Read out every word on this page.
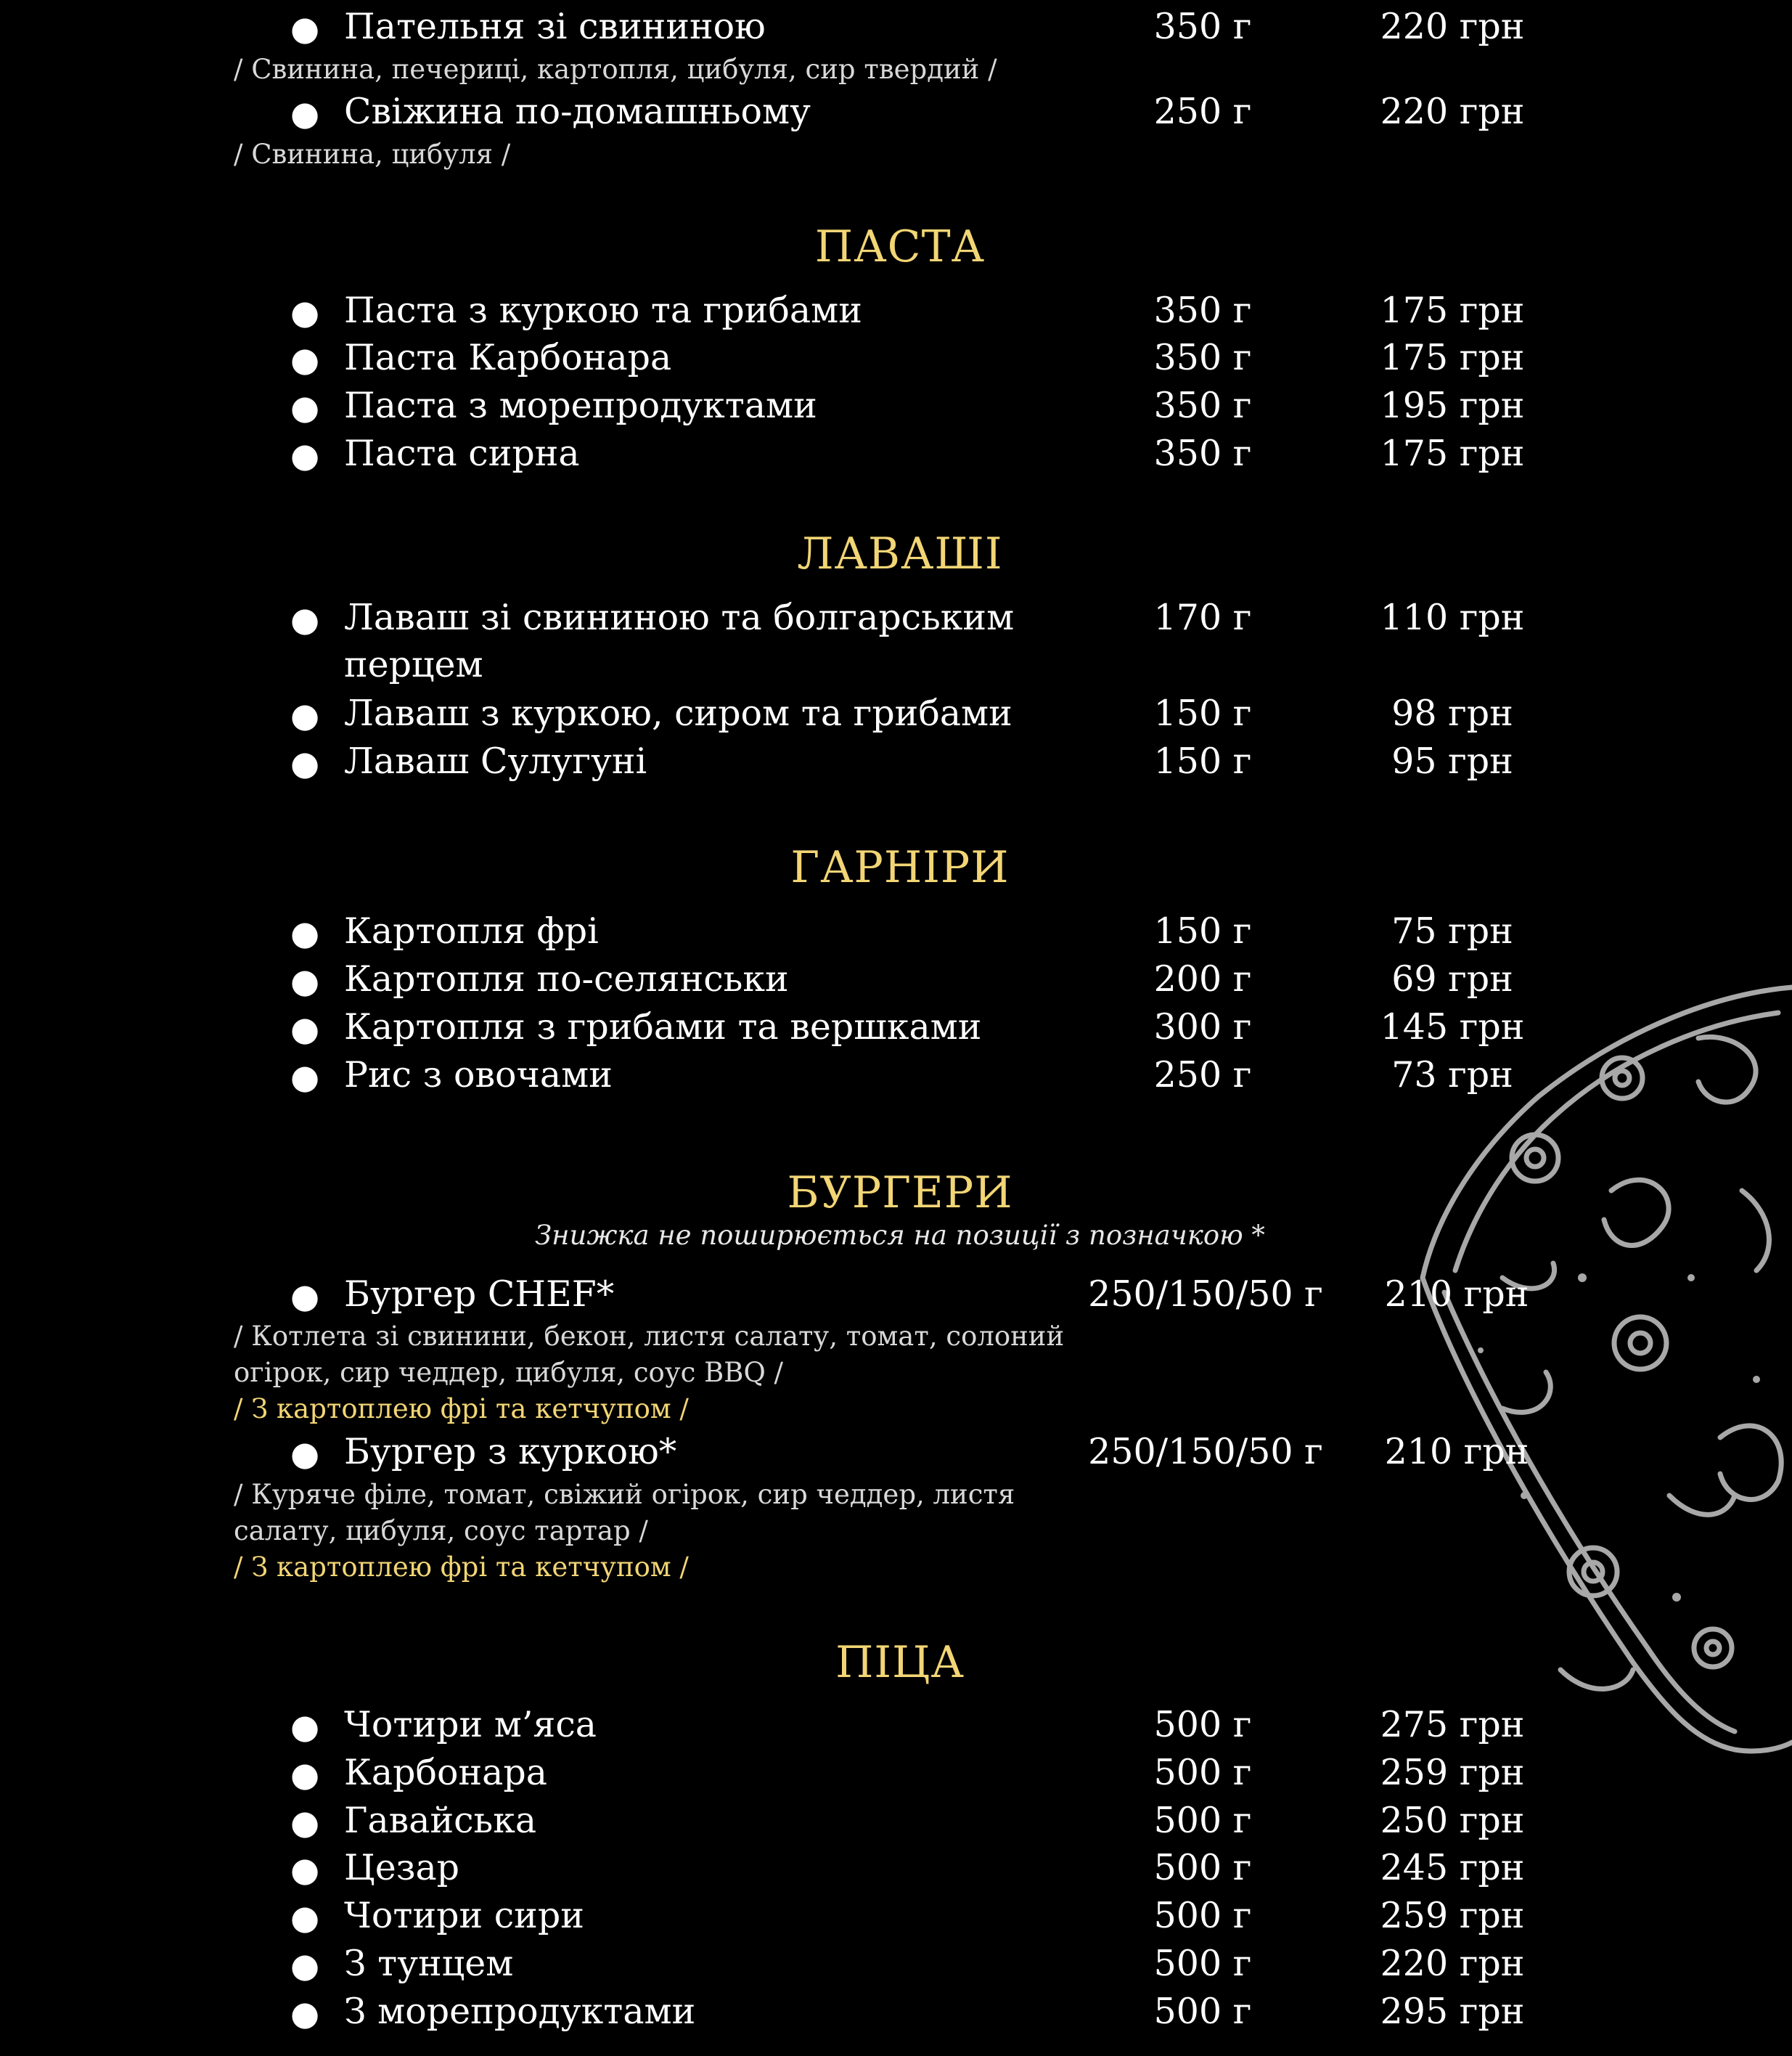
● Пательня зі свининою	350 г	220 грн
/ Свинина, печериці, картопля, цибуля, сир твердий /
● Свіжина по-домашньому	250 г	220 грн
/ Свинина, цибуля /
ПАСТА
● Паста з куркою та грибами	350 г	175 грн
● Паста Карбонара	350 г	175 грн
● Паста з морепродуктами	350 г	195 грн
● Паста сирна	350 г	175 грн
ЛАВАШІ
● Лаваш зі свининою та болгарським
перцем
170 г	110 грн
● Лаваш з куркою, сиром та грибами	150 г	98 грн
● Лаваш Сулугуні	150 г	95 грн
ГАРНІРИ
● Картопля фрі	150 г	75 грн
● Картопля по-селянськи	200 г	69 грн
● Картопля з грибами та вершками	300 г	145 грн
● Рис з овочами	250 г	73 грн
БУРГЕРИ
Знижка не поширюється на позиції з позначкою *
● Бургер CHEF*	250/150/50 г	210 грн
/ Котлета зі свинини, бекон, листя салату, томат, солоний
огірок, сир чеддер, цибуля, соус BBQ /
/ З картоплею фрі та кетчупом /
● Бургер з куркою*	250/150/50 г	210 грн
/ Куряче філе, томат, свіжий огірок, сир чеддер, листя
салату, цибуля, соус тартар /
/ З картоплею фрі та кетчупом /
ПІЦА
● Чотири м’яса	500 г	275 грн
● Карбонара	500 г	259 грн
● Гавайська	500 г	250 грн
● Цезар	500 г	245 грн
● Чотири сири	500 г	259 грн
● З тунцем	500 г	220 грн
● З морепродуктами	500 г	295 грн
